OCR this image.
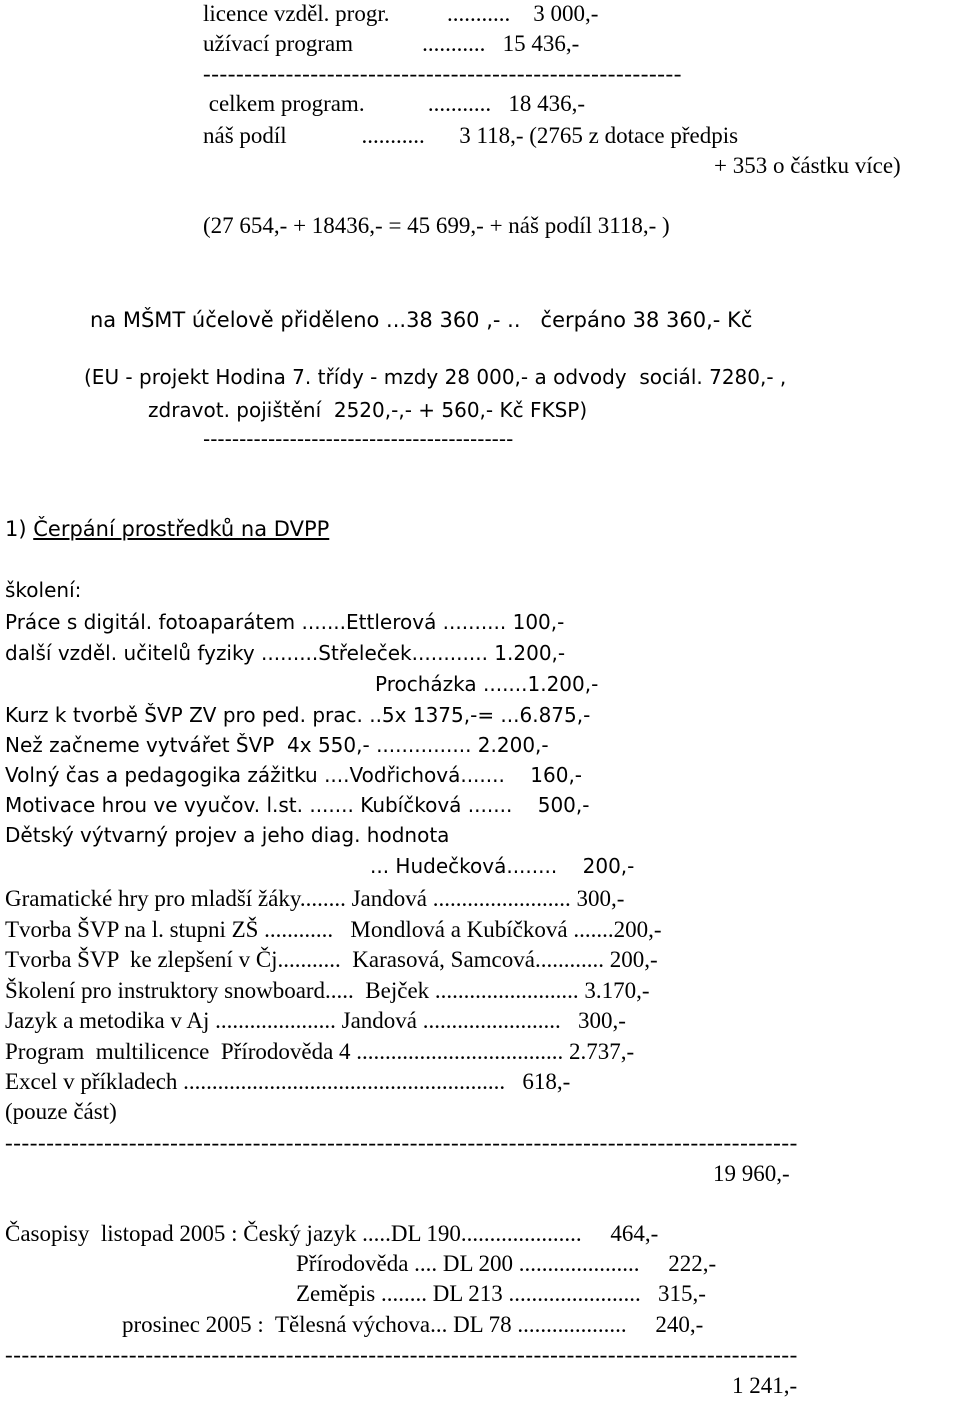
licence vzděl. progr.          ...........    3 000,-
užívací program            ...........   15 436,-
----------------------------------------------------------
celkem program.           ...........   18 436,-
náš podíl             ...........      3 118,- (2765 z dotace předpis
+ 353 o částku více)
(27 654,- + 18436,- = 45 699,- + náš podíl 3118,- )
na MŠMT účelově přiděleno ...38 360 ,- ..   čerpáno 38 360,- Kč
(EU - projekt Hodina 7. třídy - mzdy 28 000,- a odvody  sociál. 7280,- ,
zdravot. pojištění  2520,-,- + 560,- Kč FKSP)
-------------------------------------------
1) Čerpání prostředků na DVPP
školení:
Práce s digitál. fotoaparátem .......Ettlerová .......... 100,-
další vzděl. učitelů fyziky .........Střeleček............ 1.200,-
Procházka .......1.200,-
Kurz k tvorbě ŠVP ZV pro ped. prac. ..5x 1375,-= ...6.875,-
Než začneme vytvářet ŠVP  4x 550,- ............... 2.200,-
Volný čas a pedagogika zážitku ....Vodřichová.......    160,-
Motivace hrou ve vyučov. l.st. ....... Kubíčková .......    500,-
Dětský výtvarný projev a jeho diag. hodnota
... Hudečková........    200,-
Gramatické hry pro mladší žáky........ Jandová ........................ 300,-
Tvorba ŠVP na l. stupni ZŠ ............   Mondlová a Kubíčková .......200,-
Tvorba ŠVP  ke zlepšení v Čj...........  Karasová, Samcová............ 200,-
Školení pro instruktory snowboard.....  Bejček ......................... 3.170,-
Jazyk a metodika v Aj ..................... Jandová ........................   300,-
Program  multilicence  Přírodověda 4 .................................... 2.737,-
Excel v příkladech ........................................................   618,-
(pouze část)
------------------------------------------------------------------------------------------------
19 960,-
Časopisy  listopad 2005 : Český jazyk .....DL 190.....................     464,-
Přírodověda .... DL 200 .....................     222,-
Zeměpis ........ DL 213 .......................   315,-
prosinec 2005 :  Tělesná výchova... DL 78 ...................     240,-
------------------------------------------------------------------------------------------------
1 241,-
